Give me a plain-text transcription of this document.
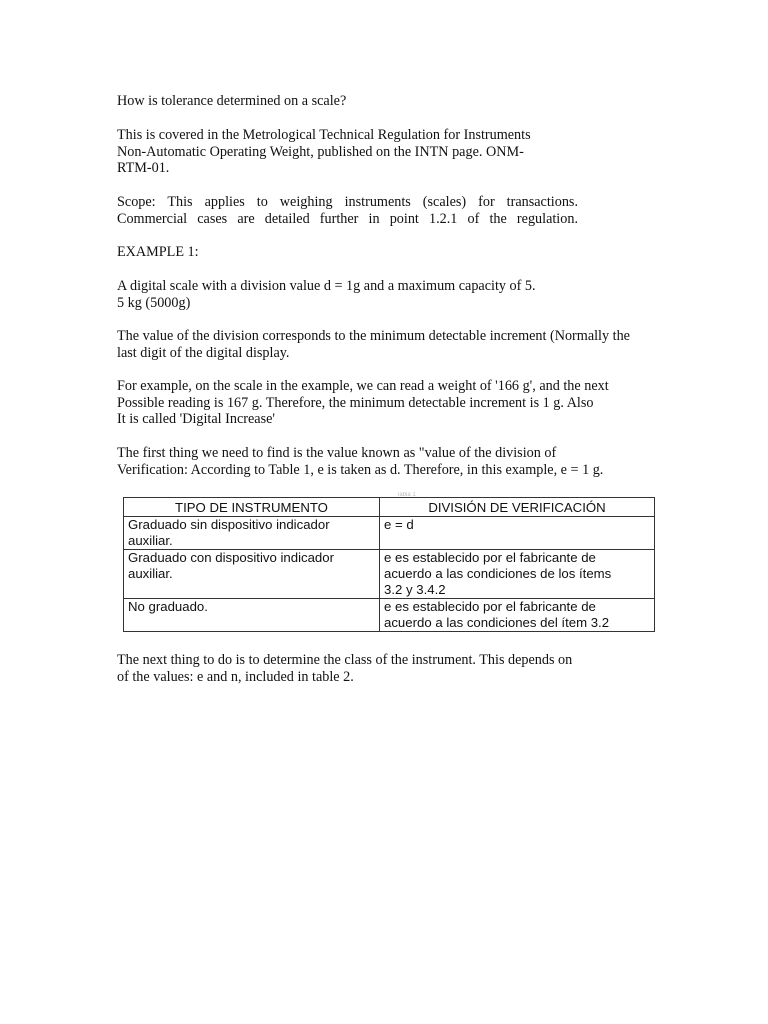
How is tolerance determined on a scale?

This is covered in the Metrological Technical Regulation for Instruments
Non-Automatic Operating Weight, published on the INTN page. ONM-
RTM-01.

Scope: This applies to weighing instruments (scales) for transactions.
Commercial cases are detailed further in point 1.2.1 of the regulation.

EXAMPLE 1:

A digital scale with a division value d = 1g and a maximum capacity of 5.
5 kg (5000g)

The value of the division corresponds to the minimum detectable increment (Normally the
last digit of the digital display.

For example, on the scale in the example, we can read a weight of '166 g', and the next
Possible reading is 167 g. Therefore, the minimum detectable increment is 1 g. Also
It is called 'Digital Increase'

The first thing we need to find is the value known as "value of the division of
Verification: According to Table 1, e is taken as d. Therefore, in this example, e = 1 g.

Tabla 1
TIPO DE INSTRUMENTO	DIVISIÓN DE VERIFICACIÓN

Graduado sin dispositivo indicador
auxiliar.	e = d

Graduado con dispositivo indicador
auxiliar.	e es establecido por el fabricante de
acuerdo a las condiciones de los ítems
3.2 y 3.4.2

No graduado.	e es establecido por el fabricante de
acuerdo a las condiciones del ítem 3.2

The next thing to do is to determine the class of the instrument. This depends on
of the values: e and n, included in table 2.
